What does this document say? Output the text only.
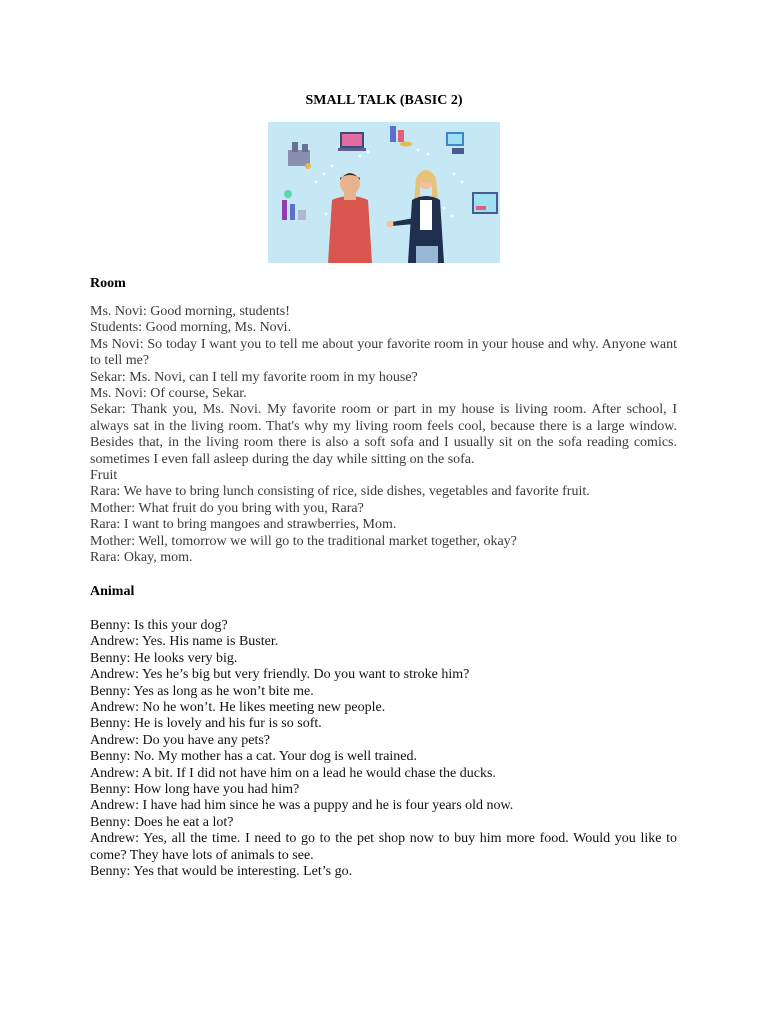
SMALL TALK (BASIC 2)
Room
Ms. Novi: Good morning, students!
Students: Good morning, Ms. Novi.
Ms Novi: So today I want you to tell me about your favorite room in your house and why. Anyone want to tell me?
Sekar: Ms. Novi, can I tell my favorite room in my house?
Ms. Novi: Of course, Sekar.
Sekar: Thank you, Ms. Novi. My favorite room or part in my house is living room. After school, I always sat in the living room. That's why my living room feels cool, because there is a large window. Besides that, in the living room there is also a soft sofa and I usually sit on the sofa reading comics. sometimes I even fall asleep during the day while sitting on the sofa.
Fruit
Rara: We have to bring lunch consisting of rice, side dishes, vegetables and favorite fruit.
Mother: What fruit do you bring with you, Rara?
Rara: I want to bring mangoes and strawberries, Mom.
Mother: Well, tomorrow we will go to the traditional market together, okay?
Rara: Okay, mom.
Animal
Benny: Is this your dog?
Andrew: Yes. His name is Buster.
Benny: He looks very big.
Andrew: Yes he’s big but very friendly. Do you want to stroke him?
Benny: Yes as long as he won’t bite me.
Andrew: No he won’t. He likes meeting new people.
Benny: He is lovely and his fur is so soft.
Andrew: Do you have any pets?
Benny: No. My mother has a cat. Your dog is well trained.
Andrew: A bit. If I did not have him on a lead he would chase the ducks.
Benny: How long have you had him?
Andrew: I have had him since he was a puppy and he is four years old now.
Benny: Does he eat a lot?
Andrew: Yes, all the time. I need to go to the pet shop now to buy him more food. Would you like to come? They have lots of animals to see.
Benny: Yes that would be interesting. Let’s go.
